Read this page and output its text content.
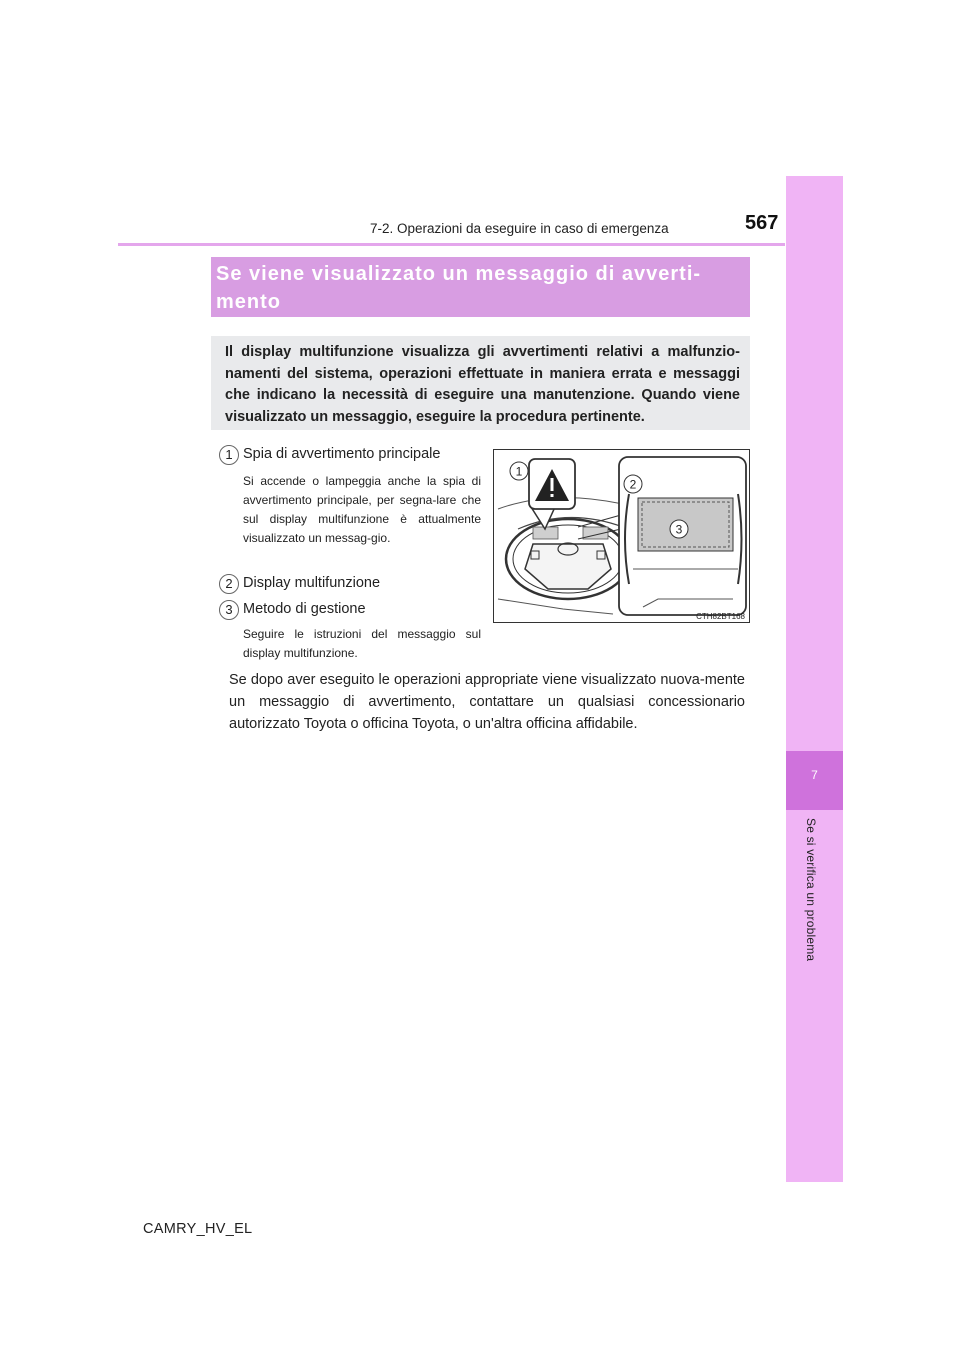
7
Se si verifica un problema
7-2. Operazioni da eseguire in caso di emergenza	567
Se viene visualizzato un messaggio di avverti-mento
Il display multifunzione visualizza gli avvertimenti relativi a malfunzio-namenti del sistema, operazioni effettuate in maniera errata e messaggi che indicano la necessità di eseguire una manutenzione. Quando viene visualizzato un messaggio, eseguire la procedura pertinente.
1 Spia di avvertimento principale
Si accende o lampeggia anche la spia di avvertimento principale, per segna-lare che sul display multifunzione è attualmente visualizzato un messag-gio.
2 Display multifunzione
3 Metodo di gestione
Seguire le istruzioni del messaggio sul display multifunzione.
1
2
3
CTH82BT168
Se dopo aver eseguito le operazioni appropriate viene visualizzato nuova-mente un messaggio di avvertimento, contattare un qualsiasi concessionario autorizzato Toyota o officina Toyota, o un'altra officina affidabile.
CAMRY_HV_EL
